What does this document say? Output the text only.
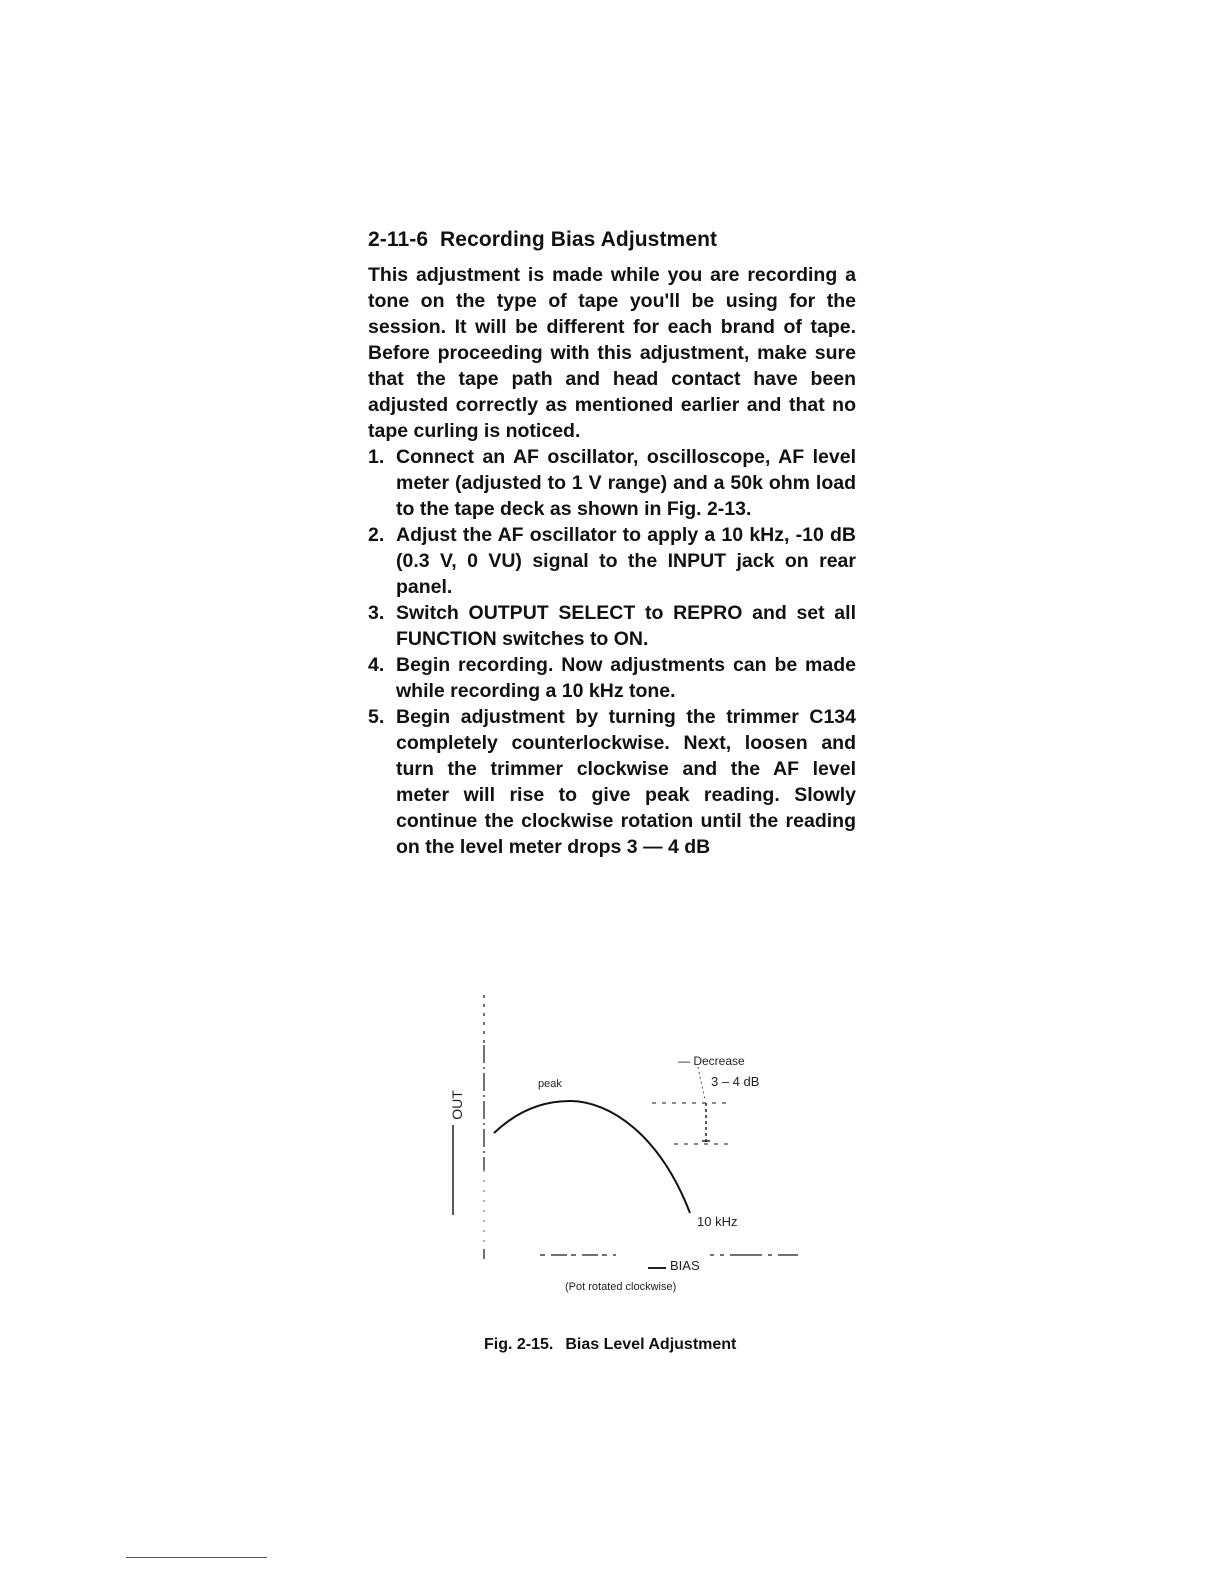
2-11-6 Recording Bias Adjustment

This adjustment is made while you are recording a tone on the type of tape you'll be using for the session. It will be different for each brand of tape. Before proceeding with this adjustment, make sure that the tape path and head contact have been adjusted correctly as mentioned earlier and that no tape curling is noticed.

1. Connect an AF oscillator, oscilloscope, AF level meter (adjusted to 1 V range) and a 50k ohm load to the tape deck as shown in Fig. 2-13.
2. Adjust the AF oscillator to apply a 10 kHz, -10 dB (0.3 V, 0 VU) signal to the INPUT jack on rear panel.
3. Switch OUTPUT SELECT to REPRO and set all FUNCTION switches to ON.
4. Begin recording. Now adjustments can be made while recording a 10 kHz tone.
5. Begin adjustment by turning the trimmer C134 completely counterlockwise. Next, loosen and turn the trimmer clockwise and the AF level meter will rise to give peak reading. Slowly continue the clockwise rotation until the reading on the level meter drops 3 — 4 dB
OUT
peak
— Decrease
3 – 4 dB
10 kHz
BIAS
(Pot rotated clockwise)
Fig. 2-15. Bias Level Adjustment
